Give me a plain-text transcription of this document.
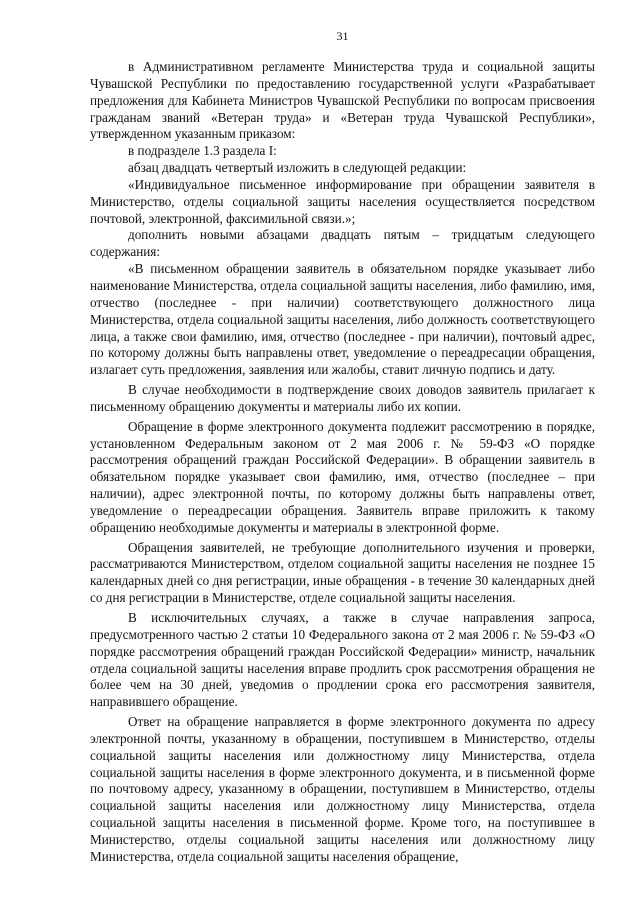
31

в Административном регламенте Министерства труда и социальной защиты Чувашской Республики по предоставлению государственной услуги «Разрабатывает предложения для Кабинета Министров Чувашской Республики по вопросам присвоения гражданам званий «Ветеран труда» и «Ветеран труда Чувашской Республики», утвержденном указанным приказом:

в подразделе 1.3 раздела I:

абзац двадцать четвертый изложить в следующей редакции:

«Индивидуальное письменное информирование при обращении заявителя в Министерство, отделы социальной защиты населения осуществляется посредством почтовой, электронной, факсимильной связи.»;

дополнить новыми абзацами двадцать пятым – тридцатым следующего содержания:

«В письменном обращении заявитель в обязательном порядке указывает либо наименование Министерства, отдела социальной защиты населения, либо фамилию, имя, отчество (последнее - при наличии) соответствующего должностного лица Министерства, отдела социальной защиты населения, либо должность соответствующего лица, а также свои фамилию, имя, отчество (последнее - при наличии), почтовый адрес, по которому должны быть направлены ответ, уведомление о переадресации обращения, излагает суть предложения, заявления или жалобы, ставит личную подпись и дату.

В случае необходимости в подтверждение своих доводов заявитель прилагает к письменному обращению документы и материалы либо их копии.

Обращение в форме электронного документа подлежит рассмотрению в порядке, установленном Федеральным законом от 2 мая 2006 г. № 59-ФЗ «О порядке рассмотрения обращений граждан Российской Федерации». В обращении заявитель в обязательном порядке указывает свои фамилию, имя, отчество (последнее – при наличии), адрес электронной почты, по которому должны быть направлены ответ, уведомление о переадресации обращения. Заявитель вправе приложить к такому обращению необходимые документы и материалы в электронной форме.

Обращения заявителей, не требующие дополнительного изучения и проверки, рассматриваются Министерством, отделом социальной защиты населения не позднее 15 календарных дней со дня регистрации, иные обращения - в течение 30 календарных дней со дня регистрации в Министерстве, отделе социальной защиты населения.

В исключительных случаях, а также в случае направления запроса, предусмотренного частью 2 статьи 10 Федерального закона от 2 мая 2006 г. № 59-ФЗ «О порядке рассмотрения обращений граждан Российской Федерации» министр, начальник отдела социальной защиты населения вправе продлить срок рассмотрения обращения не более чем на 30 дней, уведомив о продлении срока его рассмотрения заявителя, направившего обращение.

Ответ на обращение направляется в форме электронного документа по адресу электронной почты, указанному в обращении, поступившем в Министерство, отделы социальной защиты населения или должностному лицу Министерства, отдела социальной защиты населения в форме электронного документа, и в письменной форме по почтовому адресу, указанному в обращении, поступившем в Министерство, отделы социальной защиты населения или должностному лицу Министерства, отдела социальной защиты населения в письменной форме. Кроме того, на поступившее в Министерство, отделы социальной защиты населения или должностному лицу Министерства, отдела социальной защиты населения обращение,
